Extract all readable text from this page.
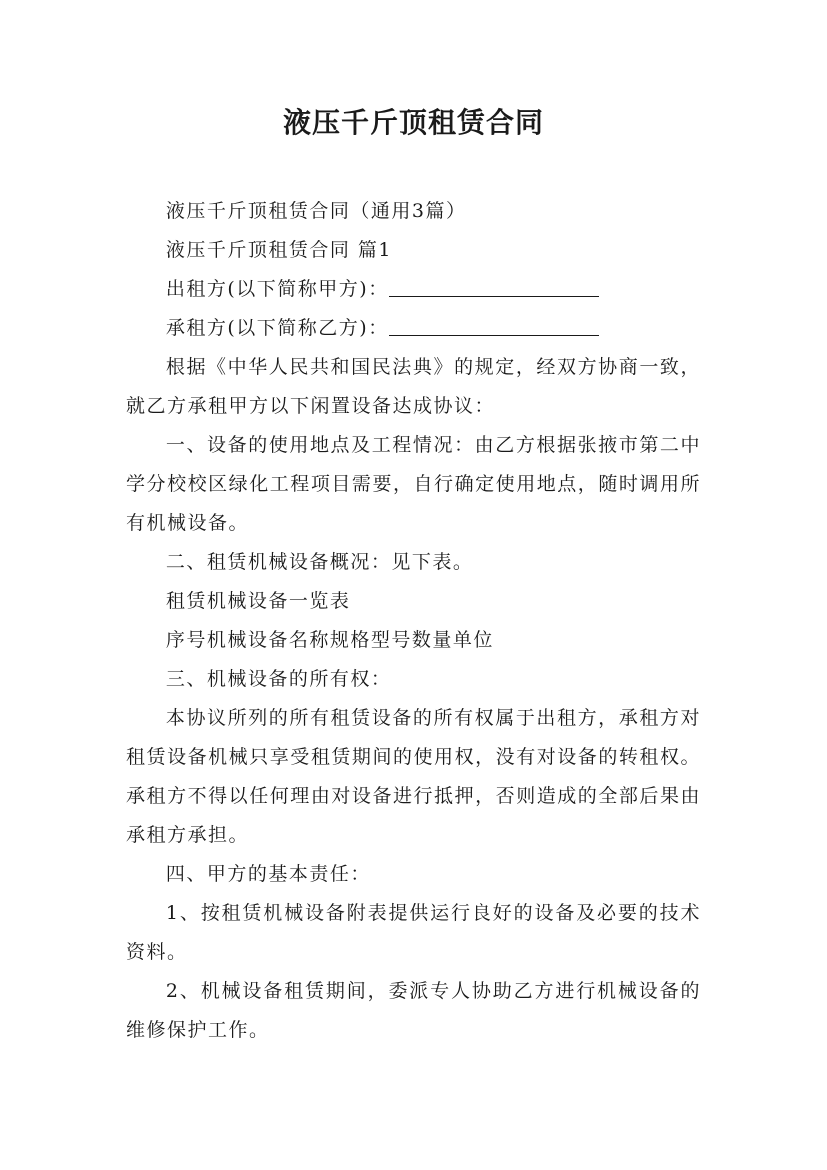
液压千斤顶租赁合同

液压千斤顶租赁合同（通用3篇）

液压千斤顶租赁合同 篇1

出租方(以下简称甲方)：

承租方(以下简称乙方)：

根据《中华人民共和国民法典》的规定，经双方协商一致，就乙方承租甲方以下闲置设备达成协议：

一、设备的使用地点及工程情况：由乙方根据张掖市第二中学分校校区绿化工程项目需要，自行确定使用地点，随时调用所有机械设备。

二、租赁机械设备概况：见下表。

租赁机械设备一览表

序号机械设备名称规格型号数量单位

三、机械设备的所有权：

本协议所列的所有租赁设备的所有权属于出租方，承租方对租赁设备机械只享受租赁期间的使用权，没有对设备的转租权。承租方不得以任何理由对设备进行抵押，否则造成的全部后果由承租方承担。

四、甲方的基本责任：

1、按租赁机械设备附表提供运行良好的设备及必要的技术资料。

2、机械设备租赁期间，委派专人协助乙方进行机械设备的维修保护工作。
